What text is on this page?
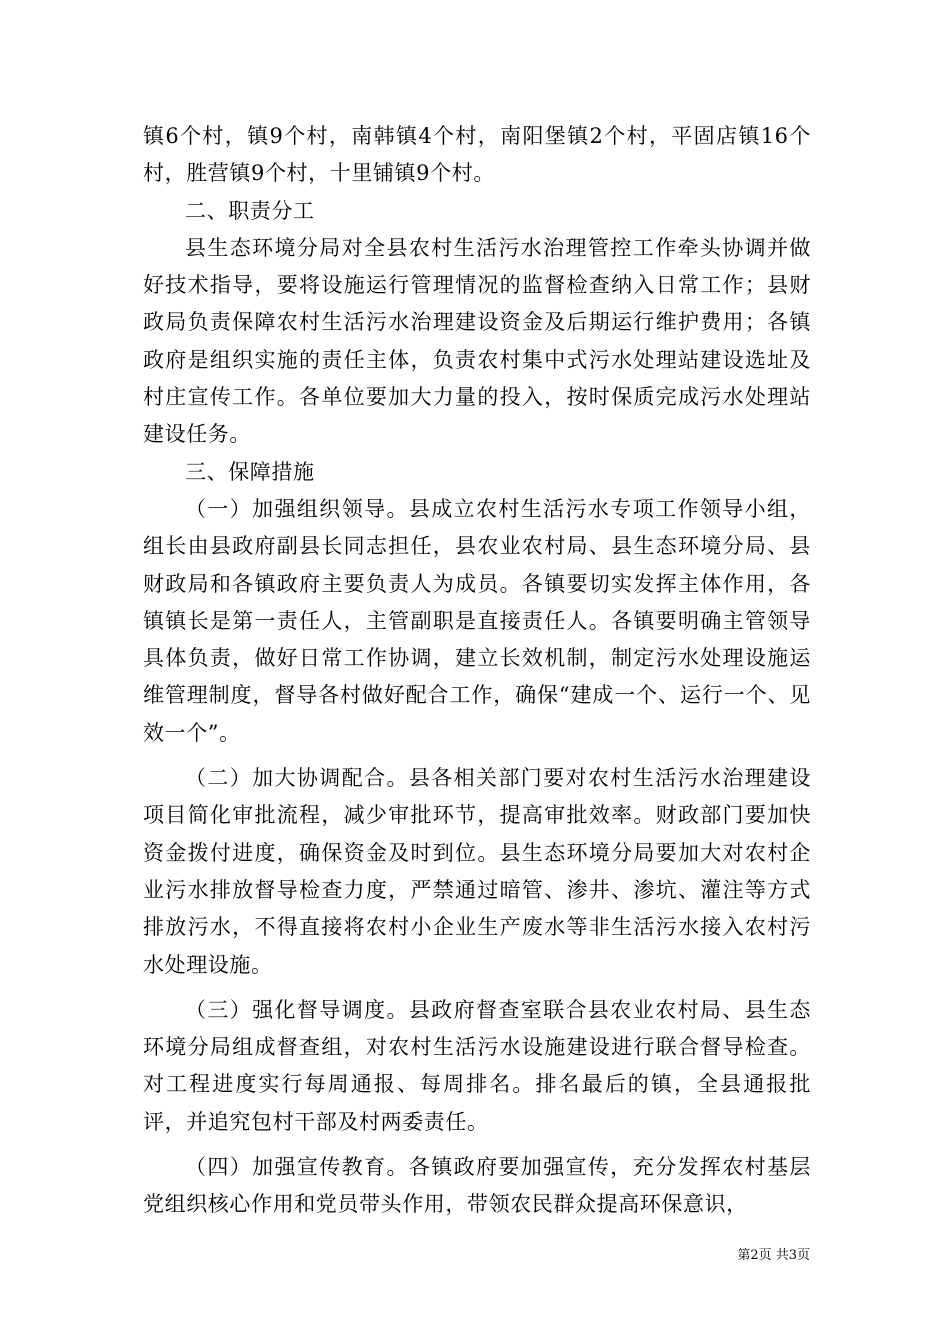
镇6个村，镇9个村，南韩镇4个村，南阳堡镇2个村，平固店镇16个村，胜营镇9个村，十里铺镇9个村。

二、职责分工

县生态环境分局对全县农村生活污水治理管控工作牵头协调并做好技术指导，要将设施运行管理情况的监督检查纳入日常工作；县财政局负责保障农村生活污水治理建设资金及后期运行维护费用；各镇政府是组织实施的责任主体，负责农村集中式污水处理站建设选址及村庄宣传工作。各单位要加大力量的投入，按时保质完成污水处理站建设任务。

三、保障措施

（一）加强组织领导。县成立农村生活污水专项工作领导小组，组长由县政府副县长同志担任，县农业农村局、县生态环境分局、县财政局和各镇政府主要负责人为成员。各镇要切实发挥主体作用，各镇镇长是第一责任人，主管副职是直接责任人。各镇要明确主管领导具体负责，做好日常工作协调，建立长效机制，制定污水处理设施运维管理制度，督导各村做好配合工作，确保“建成一个、运行一个、见效一个”。

（二）加大协调配合。县各相关部门要对农村生活污水治理建设项目简化审批流程，减少审批环节，提高审批效率。财政部门要加快资金拨付进度，确保资金及时到位。县生态环境分局要加大对农村企业污水排放督导检查力度，严禁通过暗管、渗井、渗坑、灌注等方式排放污水，不得直接将农村小企业生产废水等非生活污水接入农村污水处理设施。

（三）强化督导调度。县政府督查室联合县农业农村局、县生态环境分局组成督查组，对农村生活污水设施建设进行联合督导检查。对工程进度实行每周通报、每周排名。排名最后的镇，全县通报批评，并追究包村干部及村两委责任。

（四）加强宣传教育。各镇政府要加强宣传，充分发挥农村基层党组织核心作用和党员带头作用，带领农民群众提高环保意识，

第2页 共3页
